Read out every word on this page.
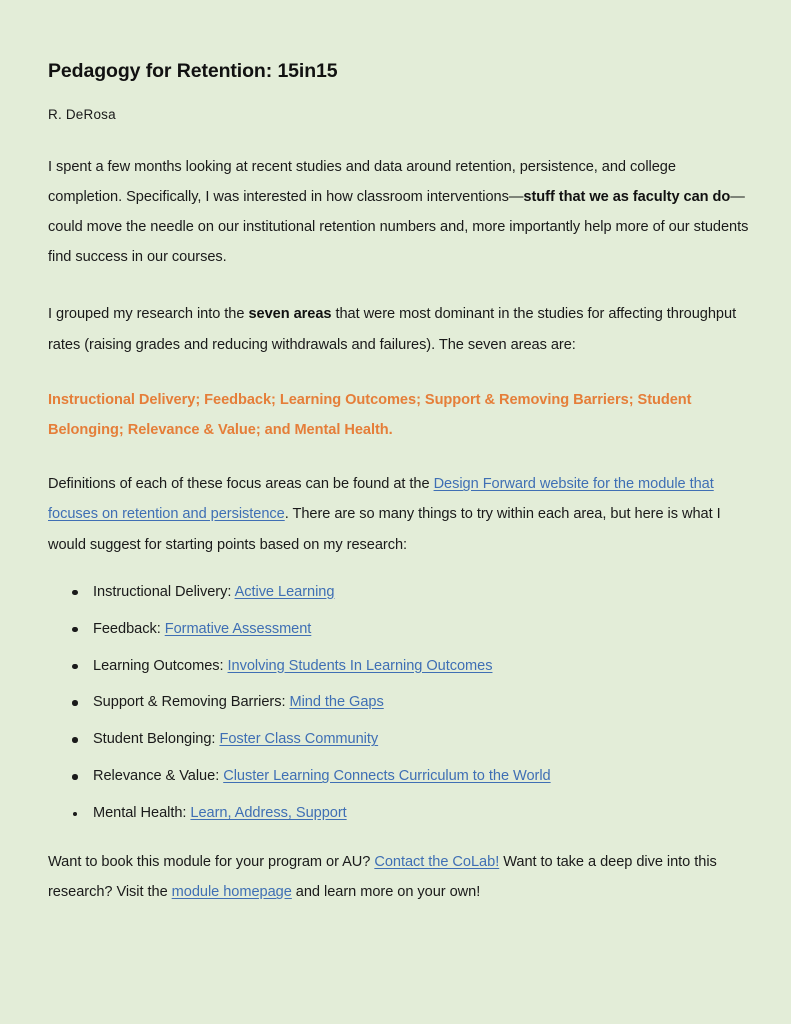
Pedagogy for Retention: 15in15
R. DeRosa

I spent a few months looking at recent studies and data around retention, persistence, and college completion. Specifically, I was interested in how classroom interventions—stuff that we as faculty can do—could move the needle on our institutional retention numbers and, more importantly help more of our students find success in our courses.

I grouped my research into the seven areas that were most dominant in the studies for affecting throughput rates (raising grades and reducing withdrawals and failures). The seven areas are:

Instructional Delivery; Feedback; Learning Outcomes; Support & Removing Barriers; Student Belonging; Relevance & Value; and Mental Health.

Definitions of each of these focus areas can be found at the Design Forward website for the module that focuses on retention and persistence. There are so many things to try within each area, but here is what I would suggest for starting points based on my research:

Instructional Delivery: Active Learning
Feedback: Formative Assessment
Learning Outcomes: Involving Students In Learning Outcomes
Support & Removing Barriers: Mind the Gaps
Student Belonging: Foster Class Community
Relevance & Value: Cluster Learning Connects Curriculum to the World
Mental Health: Learn, Address, Support

Want to book this module for your program or AU? Contact the CoLab! Want to take a deep dive into this research? Visit the module homepage and learn more on your own!
